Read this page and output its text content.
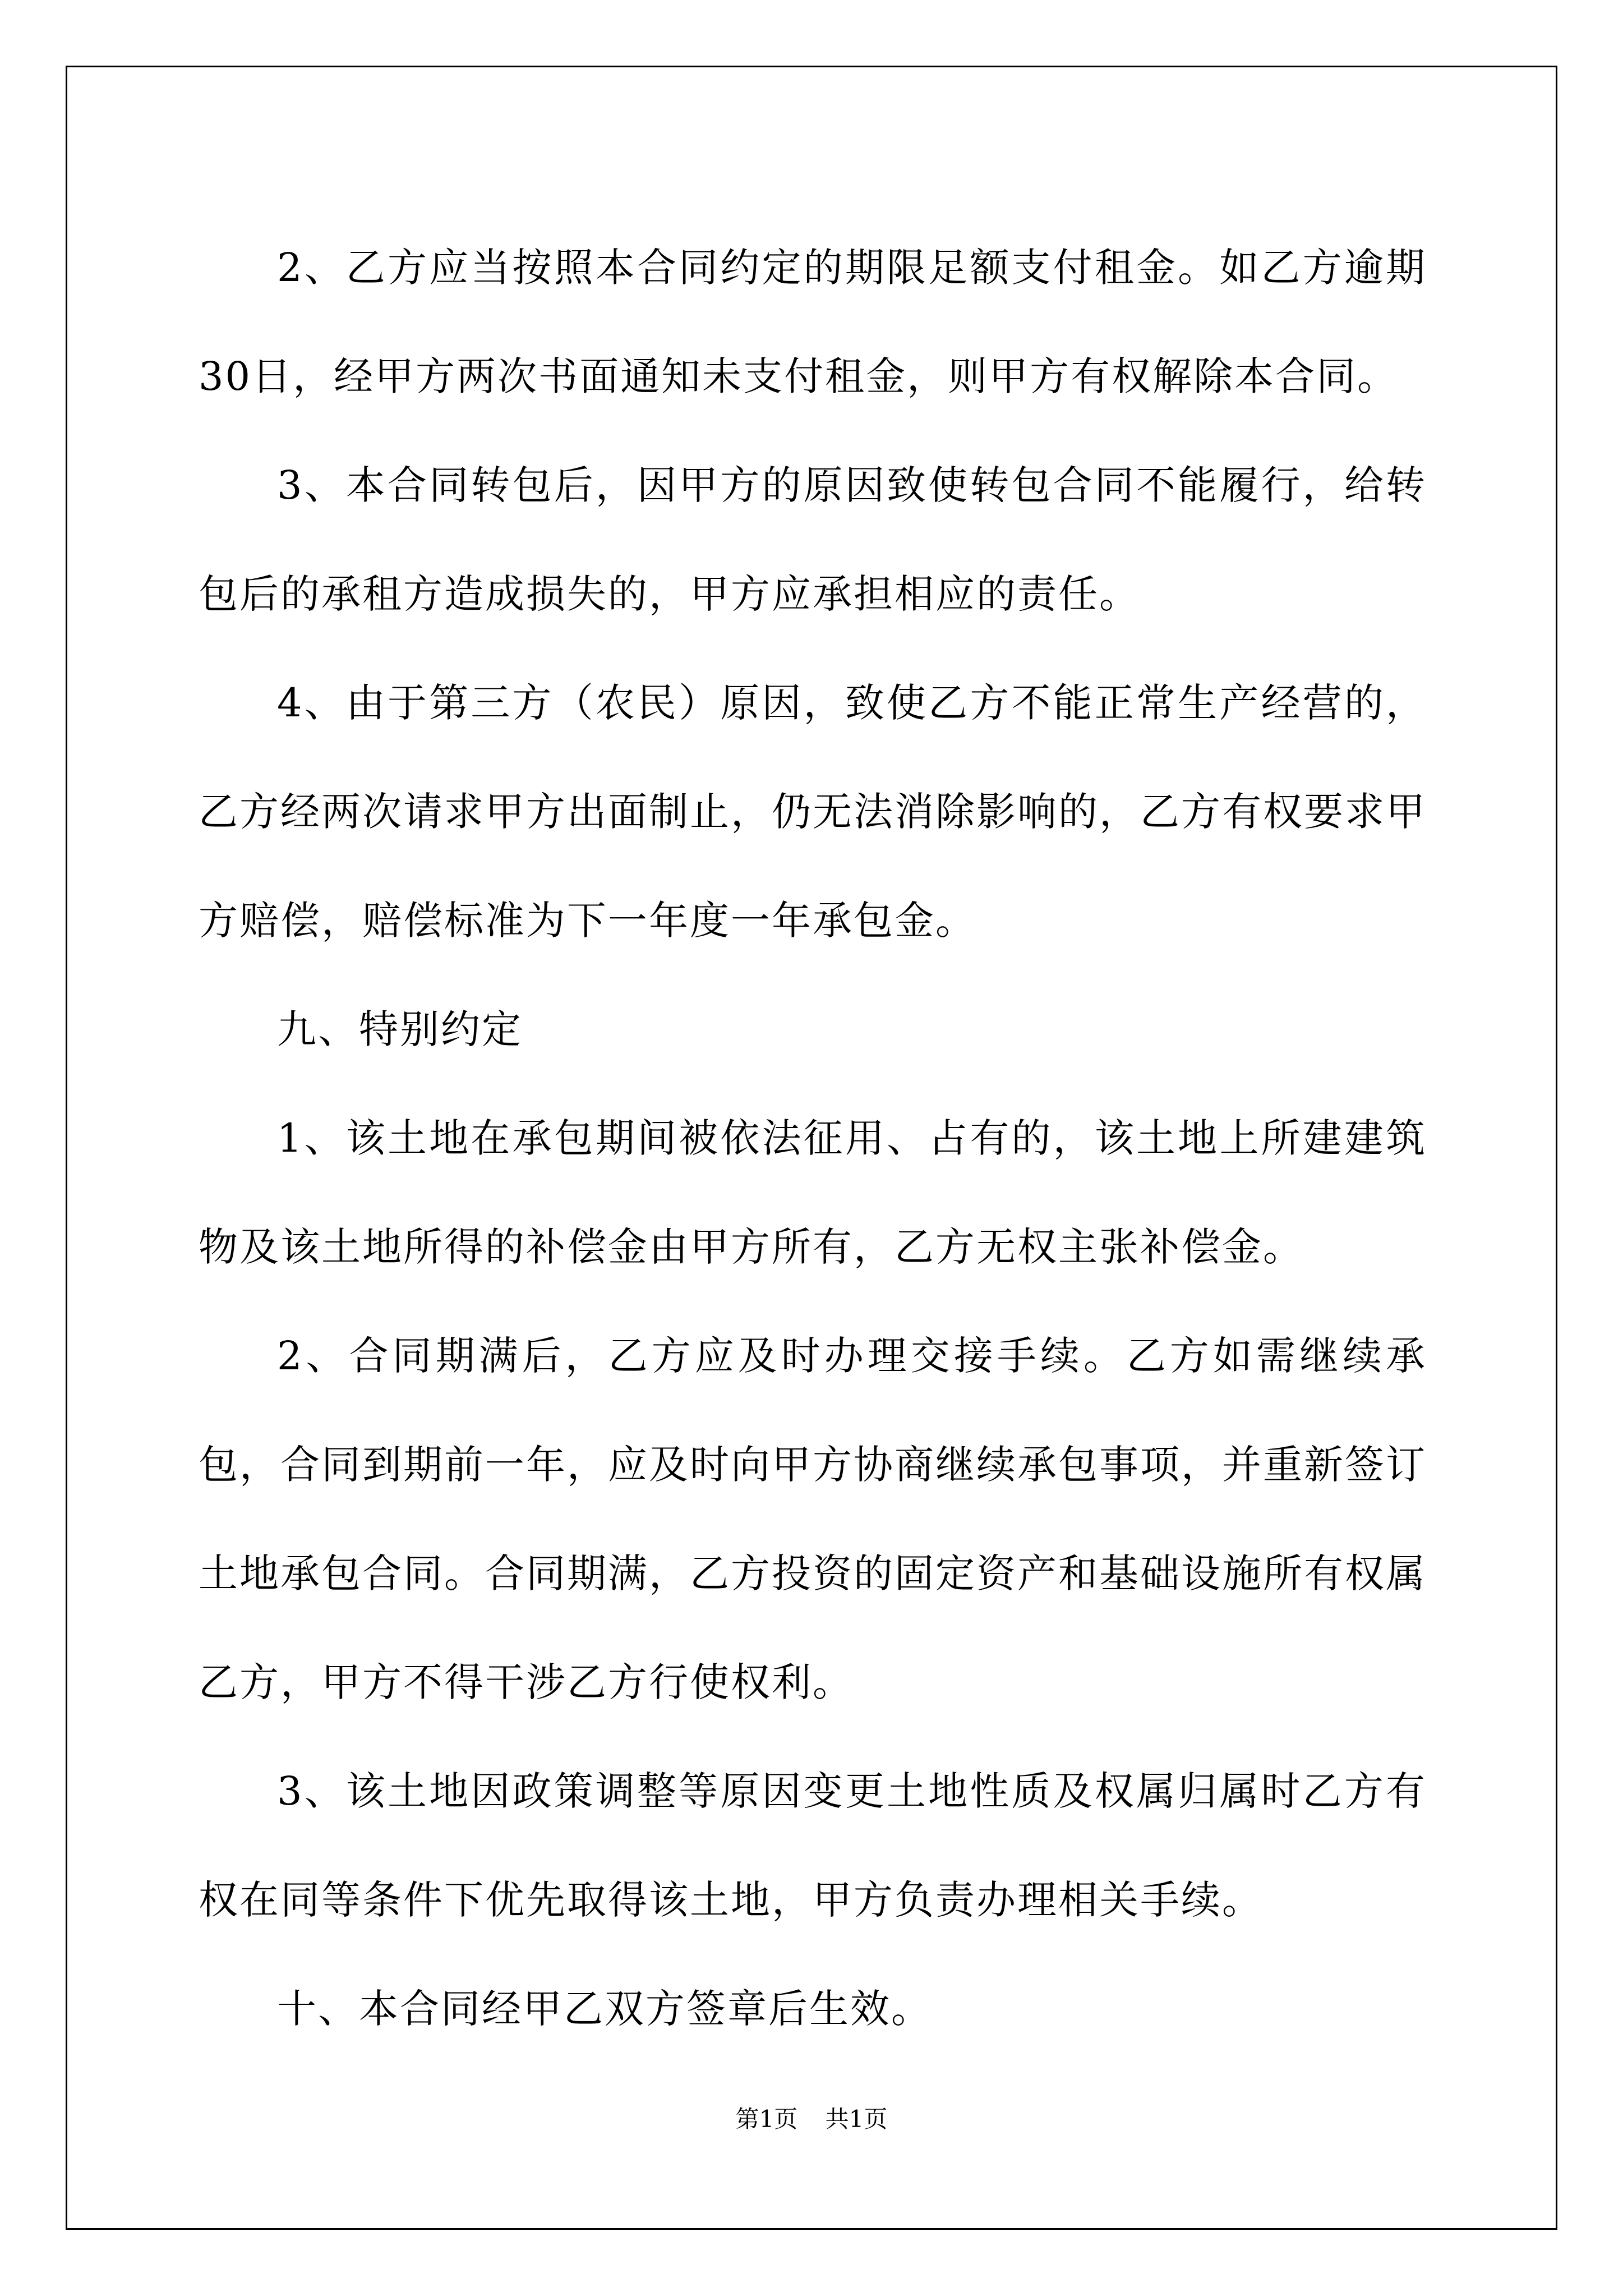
2、乙方应当按照本合同约定的期限足额支付租金。如乙方逾期30日，经甲方两次书面通知未支付租金，则甲方有权解除本合同。

3、本合同转包后，因甲方的原因致使转包合同不能履行，给转包后的承租方造成损失的，甲方应承担相应的责任。

4、由于第三方（农民）原因，致使乙方不能正常生产经营的，乙方经两次请求甲方出面制止，仍无法消除影响的，乙方有权要求甲方赔偿，赔偿标准为下一年度一年承包金。

九、特别约定

1、该土地在承包期间被依法征用、占有的，该土地上所建建筑物及该土地所得的补偿金由甲方所有，乙方无权主张补偿金。

2、合同期满后，乙方应及时办理交接手续。乙方如需继续承包，合同到期前一年，应及时向甲方协商继续承包事项，并重新签订土地承包合同。合同期满，乙方投资的固定资产和基础设施所有权属乙方，甲方不得干涉乙方行使权利。

3、该土地因政策调整等原因变更土地性质及权属归属时乙方有权在同等条件下优先取得该土地，甲方负责办理相关手续。

十、本合同经甲乙双方签章后生效。

第1页 共1页
